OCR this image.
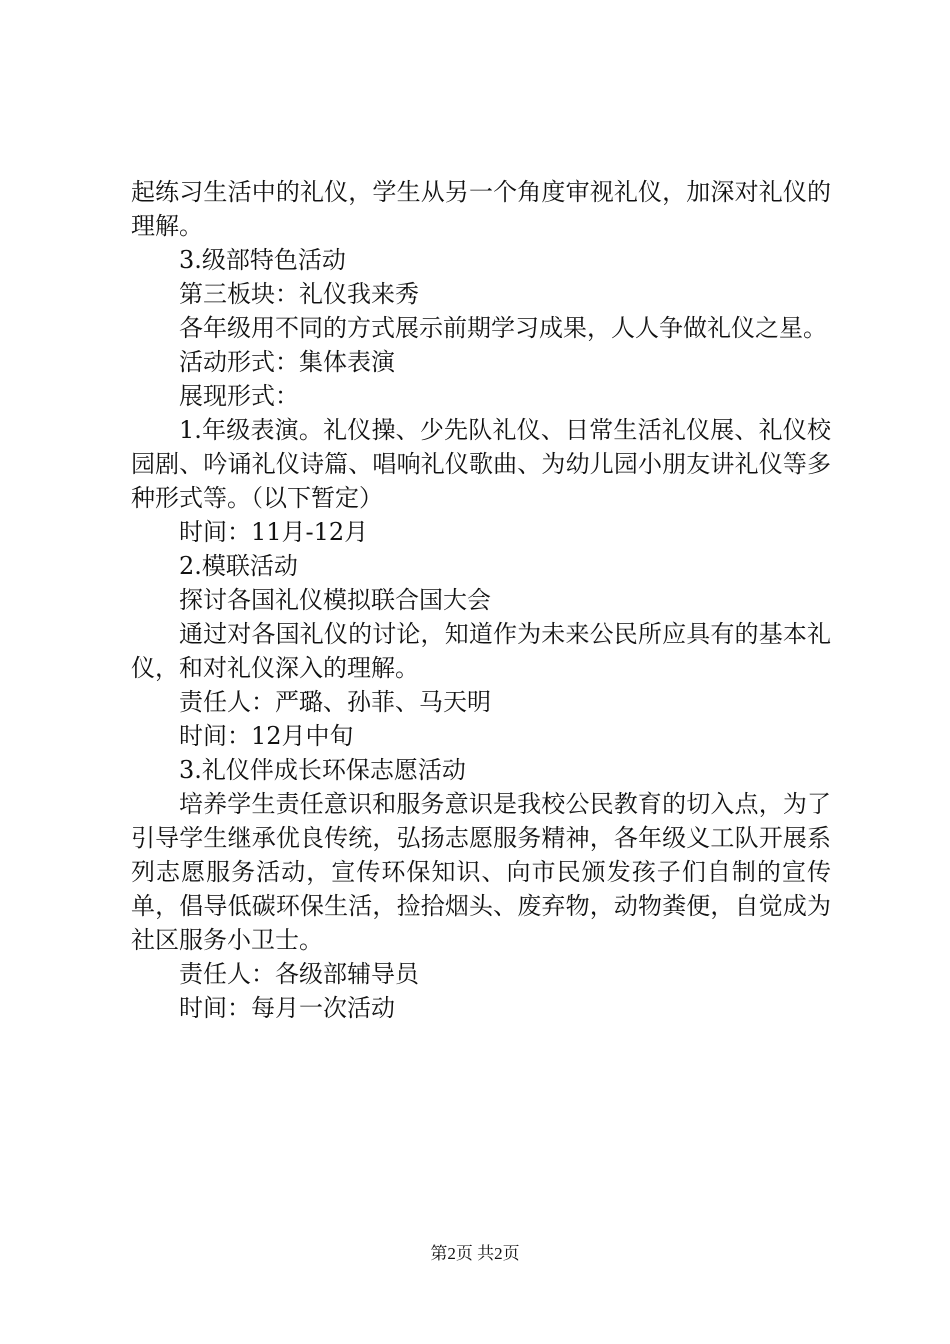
起练习生活中的礼仪，学生从另一个角度审视礼仪，加深对礼仪的理解。

3.级部特色活动

第三板块：礼仪我来秀

各年级用不同的方式展示前期学习成果，人人争做礼仪之星。

活动形式：集体表演

展现形式：

1.年级表演。礼仪操、少先队礼仪、日常生活礼仪展、礼仪校园剧、吟诵礼仪诗篇、唱响礼仪歌曲、为幼儿园小朋友讲礼仪等多种形式等。（以下暂定）

时间：11月-12月

2.模联活动

探讨各国礼仪模拟联合国大会

通过对各国礼仪的讨论，知道作为未来公民所应具有的基本礼仪，和对礼仪深入的理解。

责任人：严璐、孙菲、马天明

时间：12月中旬

3.礼仪伴成长环保志愿活动

培养学生责任意识和服务意识是我校公民教育的切入点，为了引导学生继承优良传统，弘扬志愿服务精神，各年级义工队开展系列志愿服务活动，宣传环保知识、向市民颁发孩子们自制的宣传单，倡导低碳环保生活，捡拾烟头、废弃物，动物粪便，自觉成为社区服务小卫士。

责任人：各级部辅导员

时间：每月一次活动

第2页 共2页
